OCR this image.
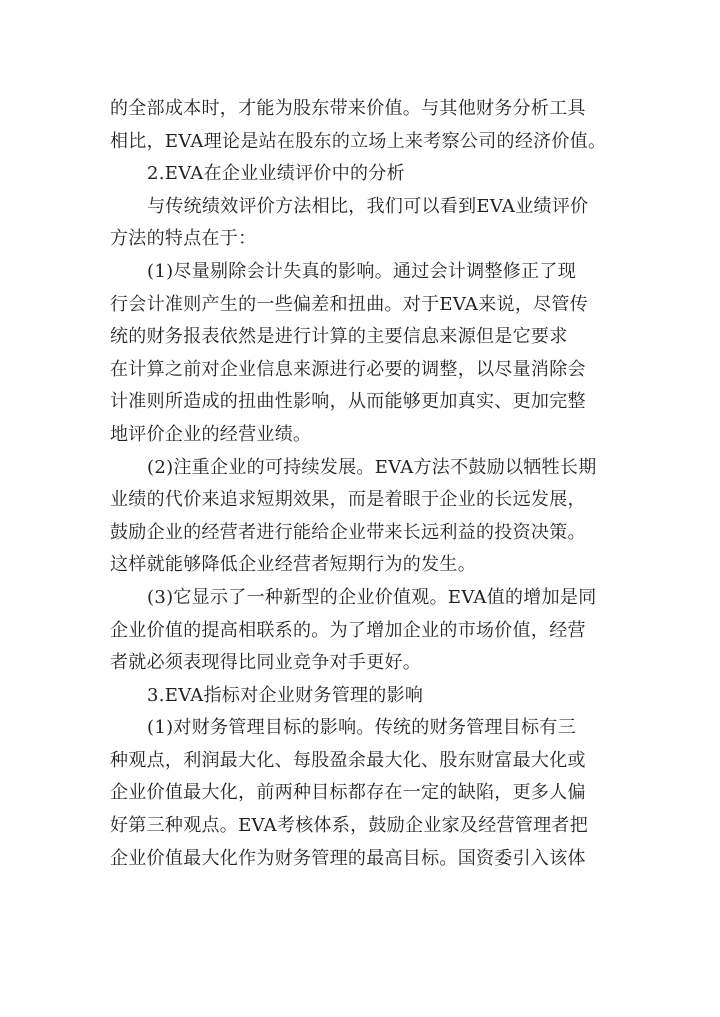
的全部成本时，才能为股东带来价值。与其他财务分析工具
相比，EVA理论是站在股东的立场上来考察公司的经济价值。
2.EVA在企业业绩评价中的分析
与传统绩效评价方法相比，我们可以看到EVA业绩评价
方法的特点在于：
(1)尽量剔除会计失真的影响。通过会计调整修正了现
行会计准则产生的一些偏差和扭曲。对于EVA来说，尽管传
统的财务报表依然是进行计算的主要信息来源但是它要求
在计算之前对企业信息来源进行必要的调整，以尽量消除会
计准则所造成的扭曲性影响，从而能够更加真实、更加完整
地评价企业的经营业绩。
(2)注重企业的可持续发展。EVA方法不鼓励以牺牲长期
业绩的代价来追求短期效果，而是着眼于企业的长远发展，
鼓励企业的经营者进行能给企业带来长远利益的投资决策。
这样就能够降低企业经营者短期行为的发生。
(3)它显示了一种新型的企业价值观。EVA值的增加是同
企业价值的提高相联系的。为了增加企业的市场价值，经营
者就必须表现得比同业竞争对手更好。
3.EVA指标对企业财务管理的影响
(1)对财务管理目标的影响。传统的财务管理目标有三
种观点，利润最大化、每股盈余最大化、股东财富最大化或
企业价值最大化，前两种目标都存在一定的缺陷，更多人偏
好第三种观点。EVA考核体系，鼓励企业家及经营管理者把
企业价值最大化作为财务管理的最高目标。国资委引入该体
